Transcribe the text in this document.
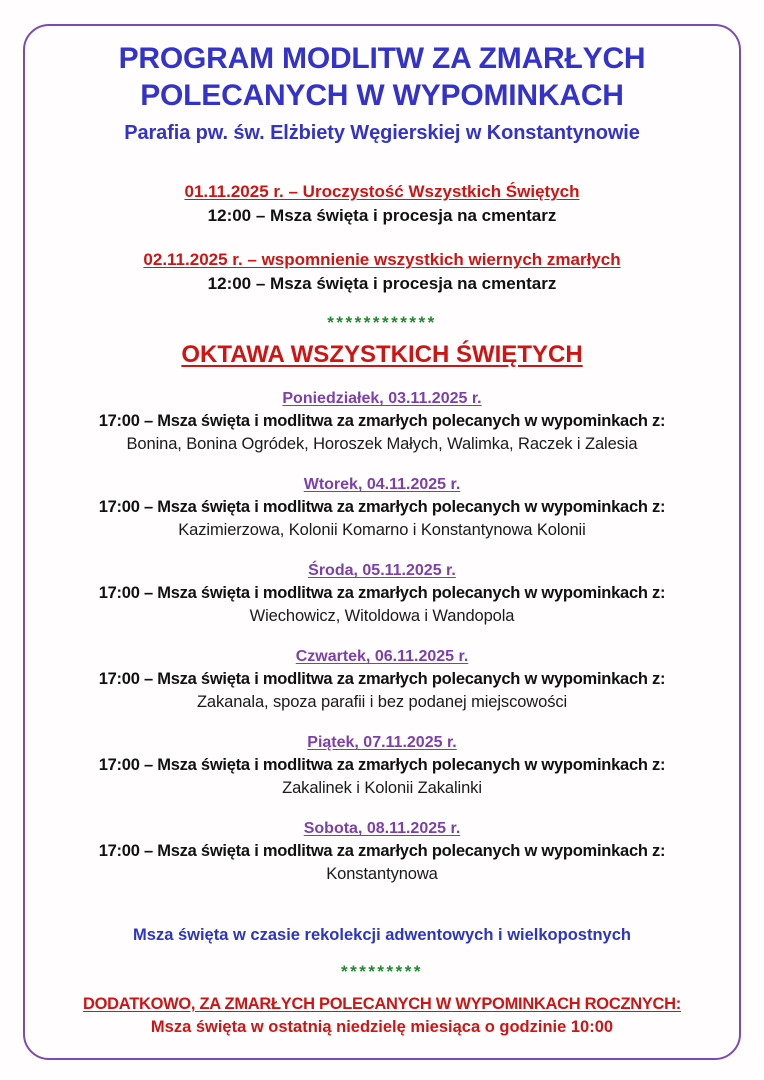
PROGRAM MODLITW ZA ZMARŁYCH
POLECANYCH W WYPOMINKACH

Parafia pw. św. Elżbiety Węgierskiej w Konstantynowie

01.11.2025 r. – Uroczystość Wszystkich Świętych

12:00 – Msza święta i procesja na cmentarz

02.11.2025 r. – wspomnienie wszystkich wiernych zmarłych

12:00 – Msza święta i procesja na cmentarz

************

OKTAWA WSZYSTKICH ŚWIĘTYCH

Poniedziałek, 03.11.2025 r.

17:00 – Msza święta i modlitwa za zmarłych polecanych w wypominkach z:

Bonina, Bonina Ogródek, Horoszek Małych, Walimka, Raczek i Zalesia

Wtorek, 04.11.2025 r.

17:00 – Msza święta i modlitwa za zmarłych polecanych w wypominkach z:

Kazimierzowa, Kolonii Komarno i Konstantynowa Kolonii

Środa, 05.11.2025 r.

17:00 – Msza święta i modlitwa za zmarłych polecanych w wypominkach z:

Wiechowicz, Witoldowa i Wandopola

Czwartek, 06.11.2025 r.

17:00 – Msza święta i modlitwa za zmarłych polecanych w wypominkach z:

Zakanala, spoza parafii i bez podanej miejscowości

Piątek, 07.11.2025 r.

17:00 – Msza święta i modlitwa za zmarłych polecanych w wypominkach z:

Zakalinek i Kolonii Zakalinki

Sobota, 08.11.2025 r.

17:00 – Msza święta i modlitwa za zmarłych polecanych w wypominkach z:

Konstantynowa

Msza święta w czasie rekolekcji adwentowych i wielkopostnych

*********

DODATKOWO, ZA ZMARŁYCH POLECANYCH W WYPOMINKACH ROCZNYCH:

Msza święta w ostatnią niedzielę miesiąca o godzinie 10:00
